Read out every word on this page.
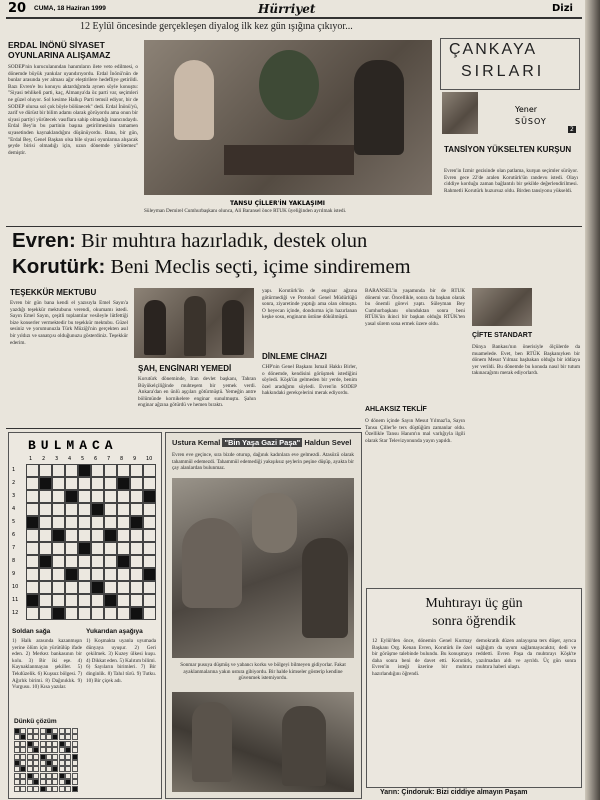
20 CUMA, 18 Haziran 1999	Hürriyet	Dizi
12 Eylül öncesinde gerçekleşen diyalog ilk kez gün ışığına çıkıyor...
ERDAL İNÖNÜ SİYASET OYUNLARINA ALIŞAMAZ
SODEP'nin kuruculanından hanımların ilete veto edilmesi, o dönemde büyük yankılar uyandırıyordu. Erdal İnönü'nün de bunlar arasında yer alması ağır eleştirilere hedefliye getirildi. Bazı Evren'e bu konuyu aktardığımda aynen söyle konuştu: "Siyasi tehlikeli parti, kaç, Almanya'da öz parti var, seçimleri ne güzel oluyor. Sol kesime Halkçı Parti temsil ediyor, bir de SODEP olursa sol çok böyle bölünecek" dedi. Erdal İnönü'yü, zarif ve dürüst bir bilim adamı olarak görüyordu ama onun bir siyasi partiyi yürütecek vasıflara sahip olmadığı inancındaydı. Erdal Bey'in bu partinin başına getirilmesinin tamamen sıyasetinden kaynaklandığını düşünüyordu. Bana, bir gün, "Erdal Bey, Genel Başkan olsa bile siyasi oyunlarına alışacak şeyde birisi olmadığı için, uzun dönemde yürütemez" demiştir.
TANSU ÇİLLER'İN YAKLAŞIMI
Süleyman Demirel Cumhurbaşkanı olunca, Ali Baransel önce RTÜK üyeliğinden ayrılmak istedi.
ÇANKAYA
SIRLARI
Yener
SÜSOY
2
TANSİYON YÜKSELTEN KURŞUN
Evren'in İzmir gezisinde olan patlama, kurşun seçimler sürüyor. Evren gece 22'de aralen Korutürk'ün randevu istedi. Olayı ciddiye korduğu zaman bağlantılı bir şekilde değerlendirilmesi. Rahmetli Korutürk huzursuz oldu. Birden tansiyonu yükseldi.
Evren: Bir muhtıra hazırladık, destek olun
Korutürk: Beni Meclis seçti, içime sindiremem
TEŞEKKÜR MEKTUBU
Evren bir gün bana kendi el yazısıyla Emel Sayın'a yazdığı teşekkür mektubunu verendi, okumamı istedi. Sayın Emel Sayın, çeşitli toplantılar vesileyle lütfettiği bize konserler vermektedir bu teşekkür mektubu. Güzel sesiniz ve yorumunuzla Türk Müziği'nin gerçekten asıl bir yıldızı ve sanatçısı olduğunuzu gösterdiniz. Teşekkür ederim.
ŞAH, ENGİNARI YEMEDİ
Korutürk döneminde, İran devlet başkanı, Tahran Büyükelçiliğinde muhteşem bir yemek verdi. Ankara'dan en ünlü aşçıları götürmüştü. Yemeğin antre bölümünde kornikelere enginar sunulmuştu. Şahın enginar ağzına götürdü ve hemen bıraktı.
yapı. Korutürk'ün de enginar ağzına götürmediği ve Protokol Genel Müdürlüğü sonra, ziyaretinde yaptığı ama olan olmuştu. O heyecan içinde, dondurma için hazırlanan keşke sosu, enginarın üstüne dökülmüştü.
DİNLEME CİHAZI
CHP'nin Genel Başkanı İsmail Hakkı Birler, o dönemde, kendisini görüşmek istediğini söyledi. Köşk'ün gelmeden bir yerde, benim özel aradığımı söyledi. Evren'in SODEP hakkındaki gerekçelerini merak ediyordu.
BARANSEL'in yaşamında bir de RTÜK dönemi var. Öncellikle, sonra da başkan olarak bu önemli görevi yaptı. Süleyman Bey Cumhurbaşkanı olunduktan sonra beni RTÜK'ün ikinci bir başkan olduğu RTÜK'ten yasal sürem sona ermek üzere oldu.
AHLAKSIZ TEKLİF
O dönem içinde Sayın Mesut Yılmaz'la, Sayın Tansu Çiller'le ters düştüğüm zamanlar oldu. Özellikle Tansu Hanım'ın mal varlığıyla ilgili olarak Star Televizyonunda yayın yapıldı.
ÇİFTE STANDART
Dünya Bankası'nın önerisiyle ölçülerde da muamelede. Evet, ben RTÜK Başkanıyken bir dönem Mesut Yılmaz başbakan olduğu bir iddiaya yer verildi. Bu dönemde bu konuda nasıl bir tutum takınacağımı merak ediyorlardı.
BULMACA
1 2 3 4 5 6 7 8 9 10
1
2
3
4
5
6
7
8
9
10
11
12
Soldan sağa	Yukarıdan aşağıya
1) Halk arasında kazanmışın yerine ölüm için yürütülüp ifade eden. 2) Merkez bankasının bir kolu. 3) Bir iki eşe. 4) Kaynaklanmayan şekiller. 5) Tekdüzelik. 6) Kuşsuz bölgesi. 7) Ağırlık birimi. 8) Dağınıklık. 9) Vurgusu. 10) Kısa yazılar.
1) Koşmakta uyanla uyumada dünyaya uyuşur. 2) Geri çekilmek. 3) Kuzey ülkesi kuşu. 4) Dikkat eden. 5) Kalıtım bilimi. 6) Sayıların birimleri. 7) Bir dinginlik. 8) Tahıl türü. 9) Tutku. 10) Bir çiçek adı.
Dünkü çözüm
Ustura Kemal "Bin Yaşa Gazi Paşa" Haldun Sevel
Evren eve geçince, sıra bizde oturup, dağınık kadınlara eve gelmezdi. Atasözü olarak tahammül edemezdi. Tahammül edemediği yakışıksız şeylerin peşine düşüp, ayakta bir çay alanlardan bulunmaz.
Sonmar pusuya düşmüş ve yabancı korku ve bölgeyi bilmeyen gidiyorlar. Fakat ayaklanmalarına yakın ustura gibiyordu. Bir halde kimseler gösterip kendine güvenmek istemiyordu.
Muhtırayı üç gün
sonra öğrendik
12 Eylül'den önce, dönemin Genel Kurmay Başkanı Org. Kenan Evren, Korutürk ile özel bir görüşme talebinde bulundu. Bu konuşmaya daha sonra beni de davet etti. Korutürk, Evren'in isteği üzerine bir muhtıra hazırlandığını öğrendi.
demokratik düzen anlayışına ters düşer, ayrıca sağlığım da uyum sağlamayacaktır, dedi ve reddetti. Evren Paşa da muhtırayı Köşk'te yazılmadan aldı ve ayrıldı. Üç gün sonra muhtıra haberi ulaştı.
Yarın: Çindoruk: Bizi ciddiye almayın Paşam
